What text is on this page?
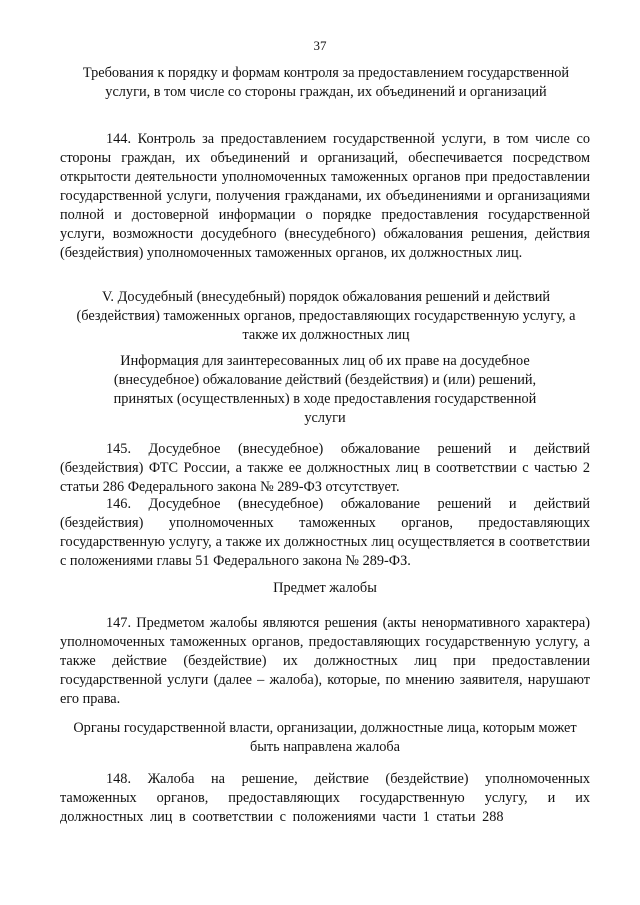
37
Требования к порядку и формам контроля за предоставлением государственной услуги, в том числе со стороны граждан, их объединений и организаций
144. Контроль за предоставлением государственной услуги, в том числе со стороны граждан, их объединений и организаций, обеспечивается посредством открытости деятельности уполномоченных таможенных органов при предоставлении государственной услуги, получения гражданами, их объединениями и организациями полной и достоверной информации о порядке предоставления государственной услуги, возможности досудебного (внесудебного) обжалования решения, действия (бездействия) уполномоченных таможенных органов, их должностных лиц.
V. Досудебный (внесудебный) порядок обжалования решений и действий (бездействия) таможенных органов, предоставляющих государственную услугу, а также их должностных лиц
Информация для заинтересованных лиц об их праве на досудебное (внесудебное) обжалование действий (бездействия) и (или) решений, принятых (осуществленных) в ходе предоставления государственной услуги
145. Досудебное (внесудебное) обжалование решений и действий (бездействия) ФТС России, а также ее должностных лиц в соответствии с частью 2 статьи 286 Федерального закона № 289-ФЗ отсутствует.
146. Досудебное (внесудебное) обжалование решений и действий (бездействия) уполномоченных таможенных органов, предоставляющих государственную услугу, а также их должностных лиц осуществляется в соответствии с положениями главы 51 Федерального закона № 289-ФЗ.
Предмет жалобы
147. Предметом жалобы являются решения (акты ненормативного характера) уполномоченных таможенных органов, предоставляющих государственную услугу, а также действие (бездействие) их должностных лиц при предоставлении государственной услуги (далее – жалоба), которые, по мнению заявителя, нарушают его права.
Органы государственной власти, организации, должностные лица, которым может быть направлена жалоба
148. Жалоба на решение, действие (бездействие) уполномоченных таможенных органов, предоставляющих государственную услугу, и их должностных лиц в соответствии с положениями части 1 статьи 288
